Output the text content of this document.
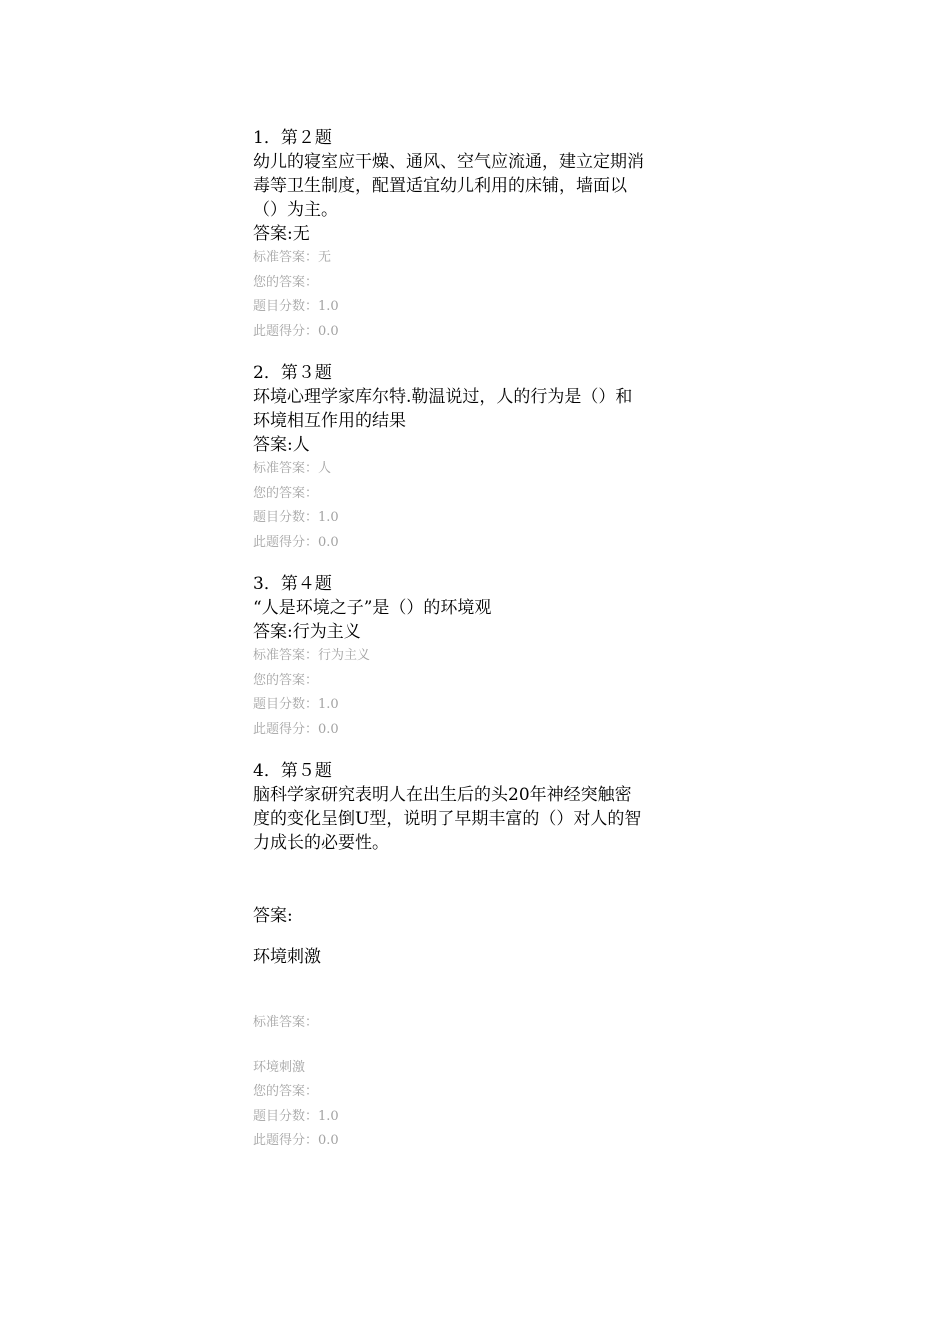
1．第２题
幼儿的寝室应干燥、通风、空气应流通，建立定期消
毒等卫生制度，配置适宜幼儿利用的床铺，墙面以
（）为主。
答案:无
标准答案：无
您的答案：
题目分数：1.0
此题得分：0.0
2．第３题
环境心理学家库尔特.勒温说过，人的行为是（）和
环境相互作用的结果
答案:人
标准答案：人
您的答案：
题目分数：1.0
此题得分：0.0
3．第４题
“人是环境之子”是（）的环境观
答案:行为主义
标准答案：行为主义
您的答案：
题目分数：1.0
此题得分：0.0
4．第５题
脑科学家研究表明人在出生后的头20年神经突触密
度的变化呈倒U型，说明了早期丰富的（）对人的智
力成长的必要性。
答案:
环境刺激
标准答案：
环境刺激
您的答案：
题目分数：1.0
此题得分：0.0
